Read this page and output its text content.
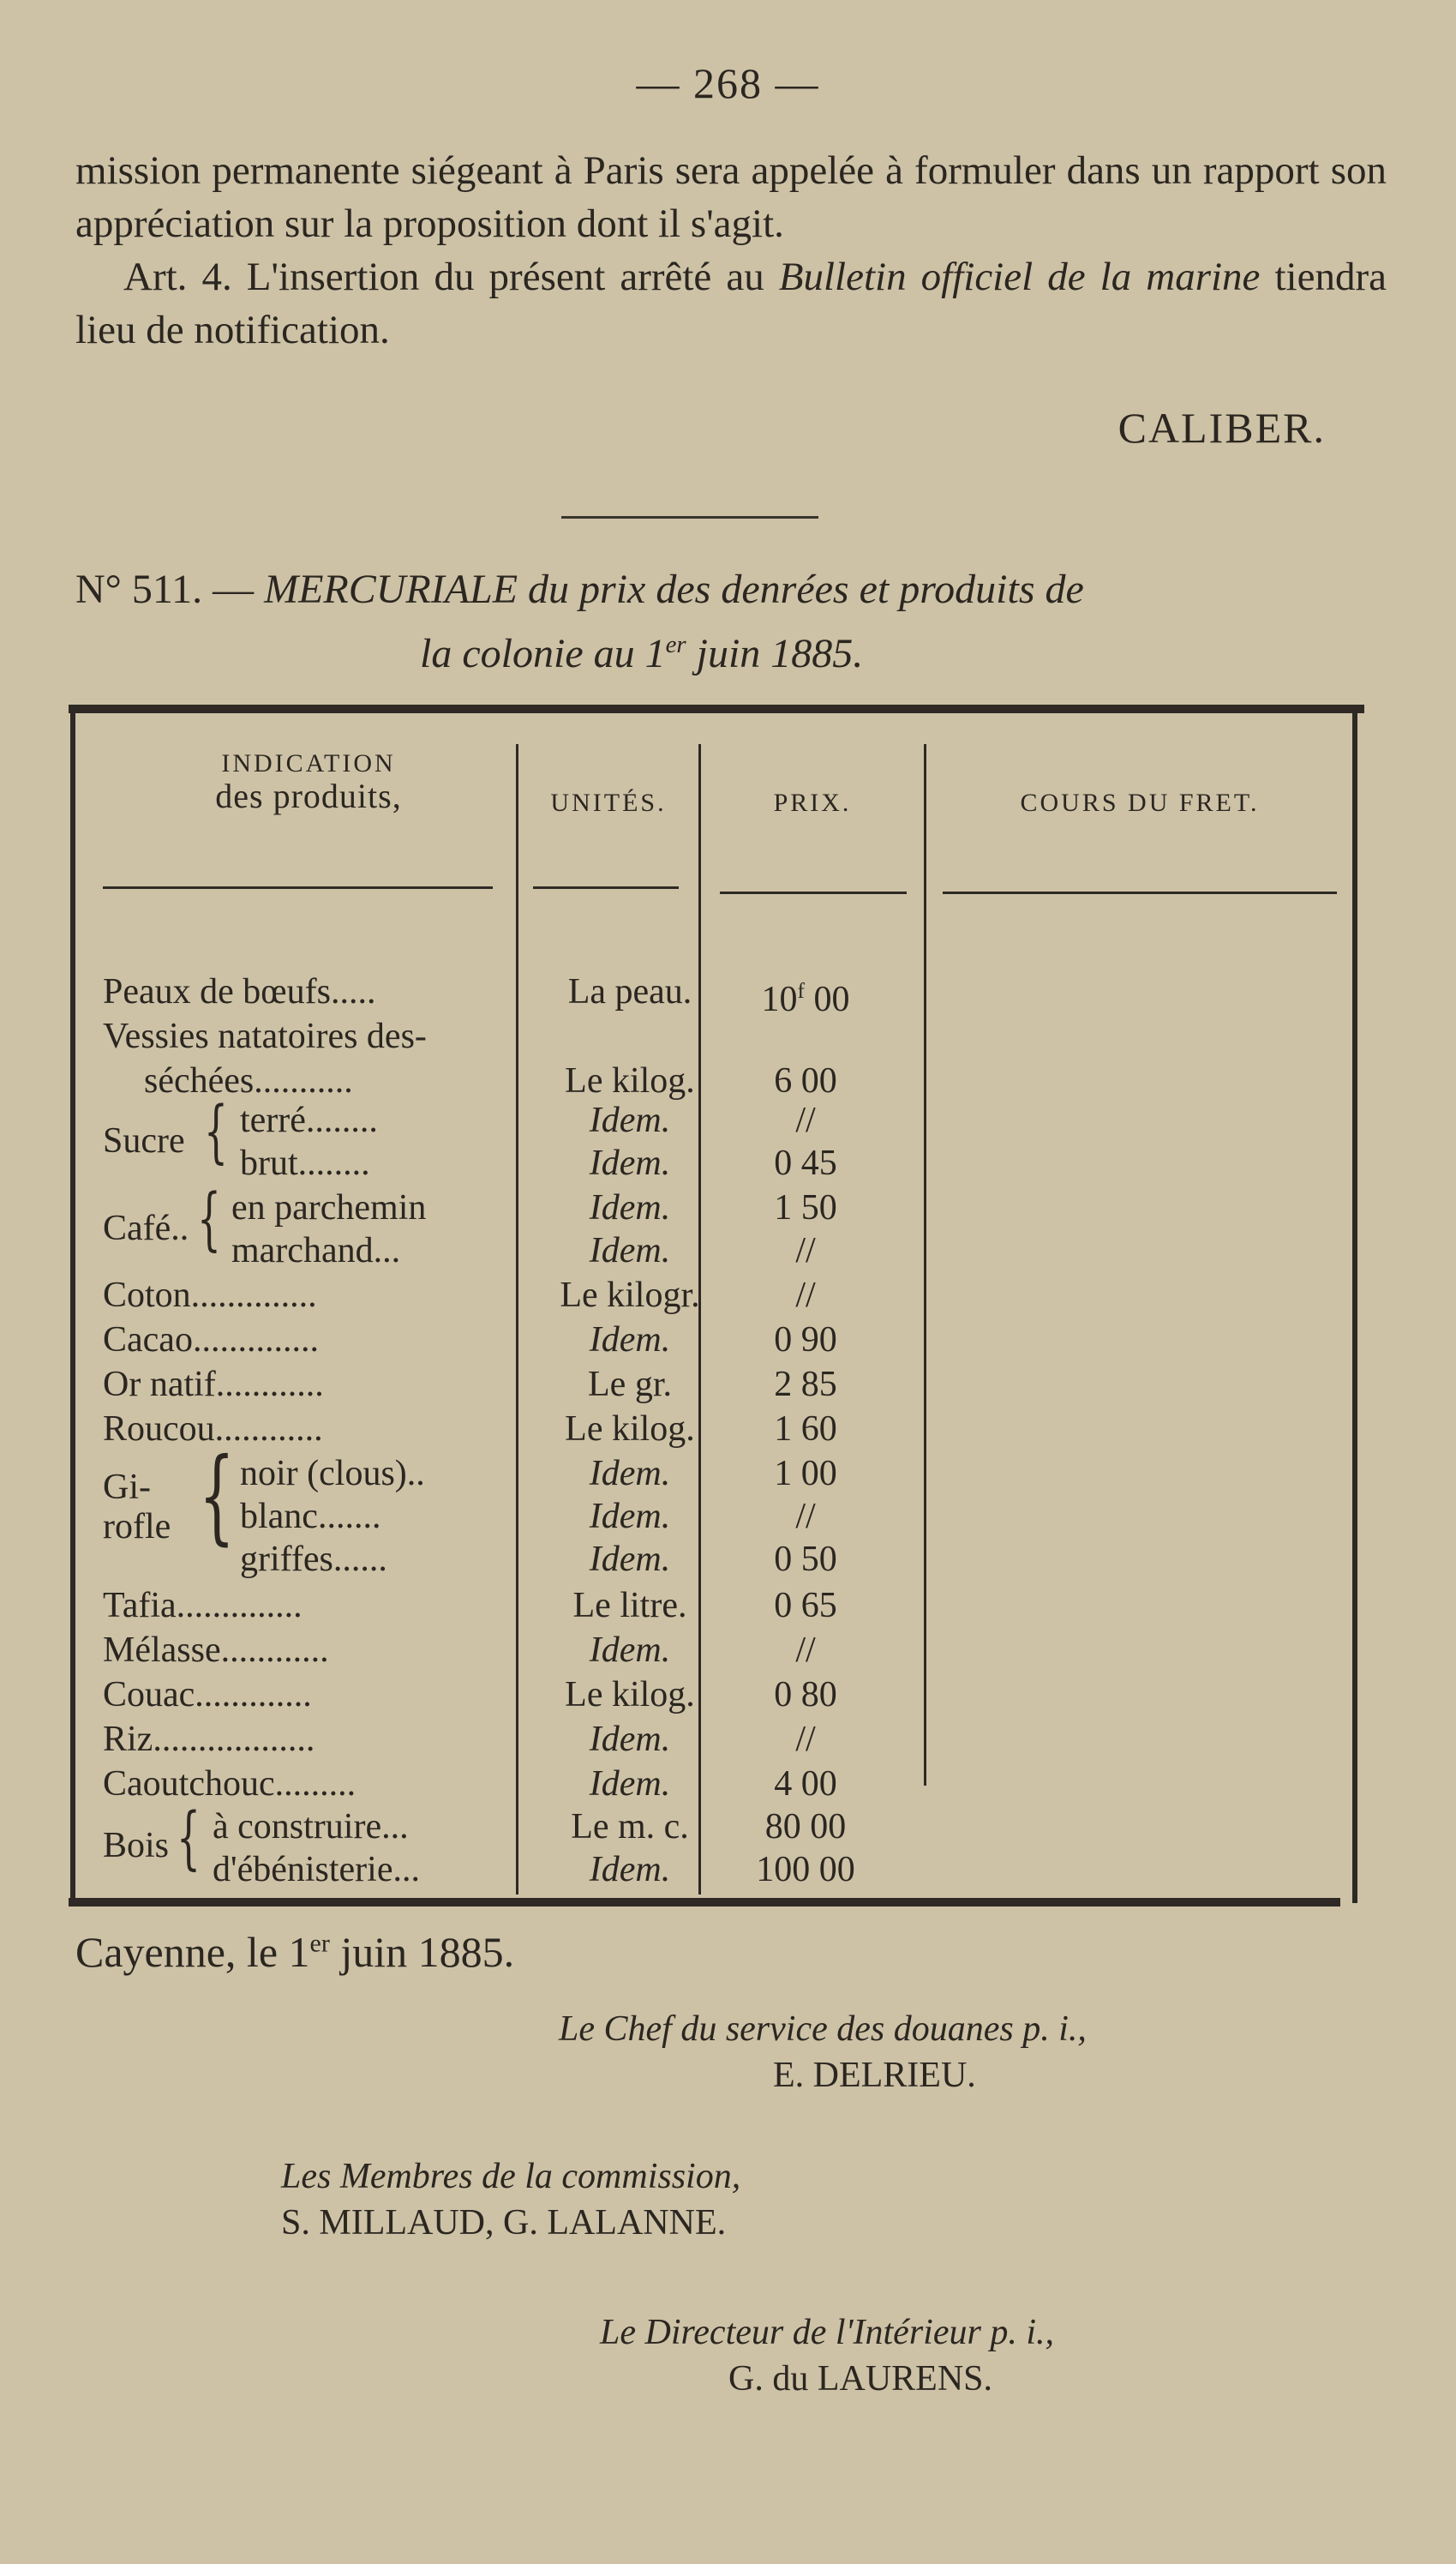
— 268 —
mission permanente siégeant à Paris sera appelée à formuler dans un rapport son appréciation sur la proposition dont il s'agit.
Art. 4. L'insertion du présent arrêté au Bulletin officiel de la marine tiendra lieu de notification.
CALIBER.
N° 511. — MERCURIALE du prix des denrées et produits de
la colonie au 1er juin 1885.
INDICATION
des produits,	UNITÉS.	PRIX.	COURS DU FRET.
Peaux de bœufs.....	La peau.	10$^f$ 00
Vessies natatoires des-
séchées...........	Le kilog.	6 00
Sucre { terré........	Idem.	//
brut........	Idem.	0 45
Café.. { en parchemin	Idem.	1 50
marchand...	Idem.	//
Coton..............	Le kilogr.	//
Cacao..............	Idem.	0 90
Or natif............	Le gr.	2 85
Roucou............	Le kilog.	1 60
Gi-
rofle { noir (clous)..	Idem.	1 00
blanc.......	Idem.	//
griffes......	Idem.	0 50
Tafia..............	Le litre.	0 65
Mélasse............	Idem.	//
Couac.............	Le kilog.	0 80
Riz..................	Idem.	//
Caoutchouc.........	Idem.	4 00
Bois { à construire...	Le m. c.	80 00
d'ébénisterie...	Idem.	100 00
Cayenne, le 1er juin 1885.
Le Chef du service des douanes p. i.,
E. DELRIEU.
Les Membres de la commission,
S. MILLAUD, G. LALANNE.
Le Directeur de l'Intérieur p. i.,
G. du LAURENS.
